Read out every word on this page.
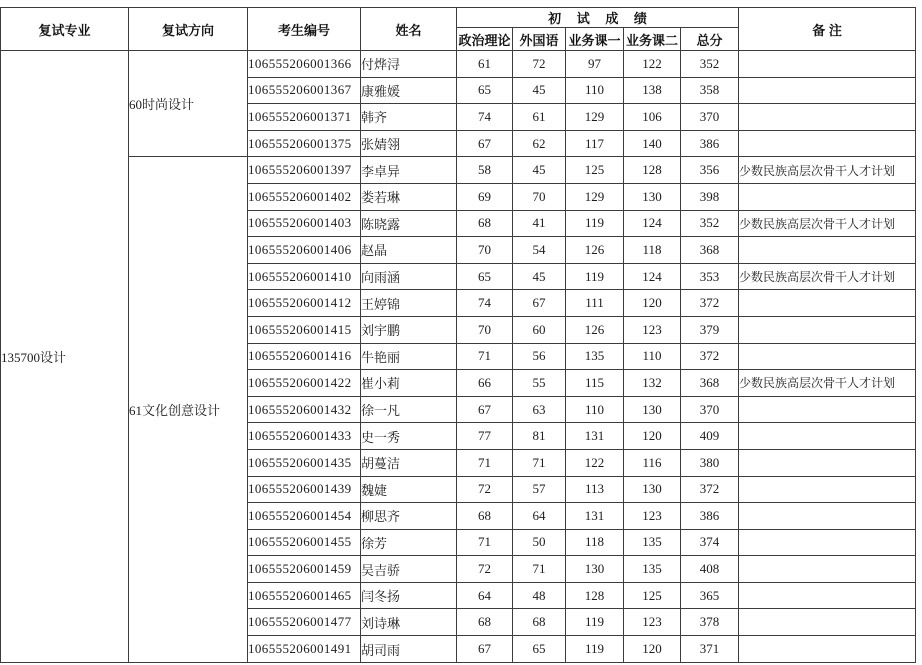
复试专业	复试方向	考生编号	姓名	初 试 成 绩					备 注
				政治理论	外国语	业务课一	业务课二	总分	
135700设计	60时尚设计	106555206001366	付烨浔	61	72	97	122	352	
		106555206001367	康雅媛	65	45	110	138	358	
		106555206001371	韩齐	74	61	129	106	370	
		106555206001375	张婧翎	67	62	117	140	386	
	61文化创意设计	106555206001397	李卓异	58	45	125	128	356	少数民族高层次骨干人才计划
		106555206001402	娄若琳	69	70	129	130	398	
		106555206001403	陈晓露	68	41	119	124	352	少数民族高层次骨干人才计划
		106555206001406	赵晶	70	54	126	118	368	
		106555206001410	向雨涵	65	45	119	124	353	少数民族高层次骨干人才计划
		106555206001412	王婷锦	74	67	111	120	372	
		106555206001415	刘宇鹏	70	60	126	123	379	
		106555206001416	牛艳丽	71	56	135	110	372	
		106555206001422	崔小莉	66	55	115	132	368	少数民族高层次骨干人才计划
		106555206001432	徐一凡	67	63	110	130	370	
		106555206001433	史一秀	77	81	131	120	409	
		106555206001435	胡蔓洁	71	71	122	116	380	
		106555206001439	魏婕	72	57	113	130	372	
		106555206001454	柳思齐	68	64	131	123	386	
		106555206001455	徐芳	71	50	118	135	374	
		106555206001459	吴吉骄	72	71	130	135	408	
		106555206001465	闫冬扬	64	48	128	125	365	
		106555206001477	刘诗琳	68	68	119	123	378	
		106555206001491	胡司雨	67	65	119	120	371	
